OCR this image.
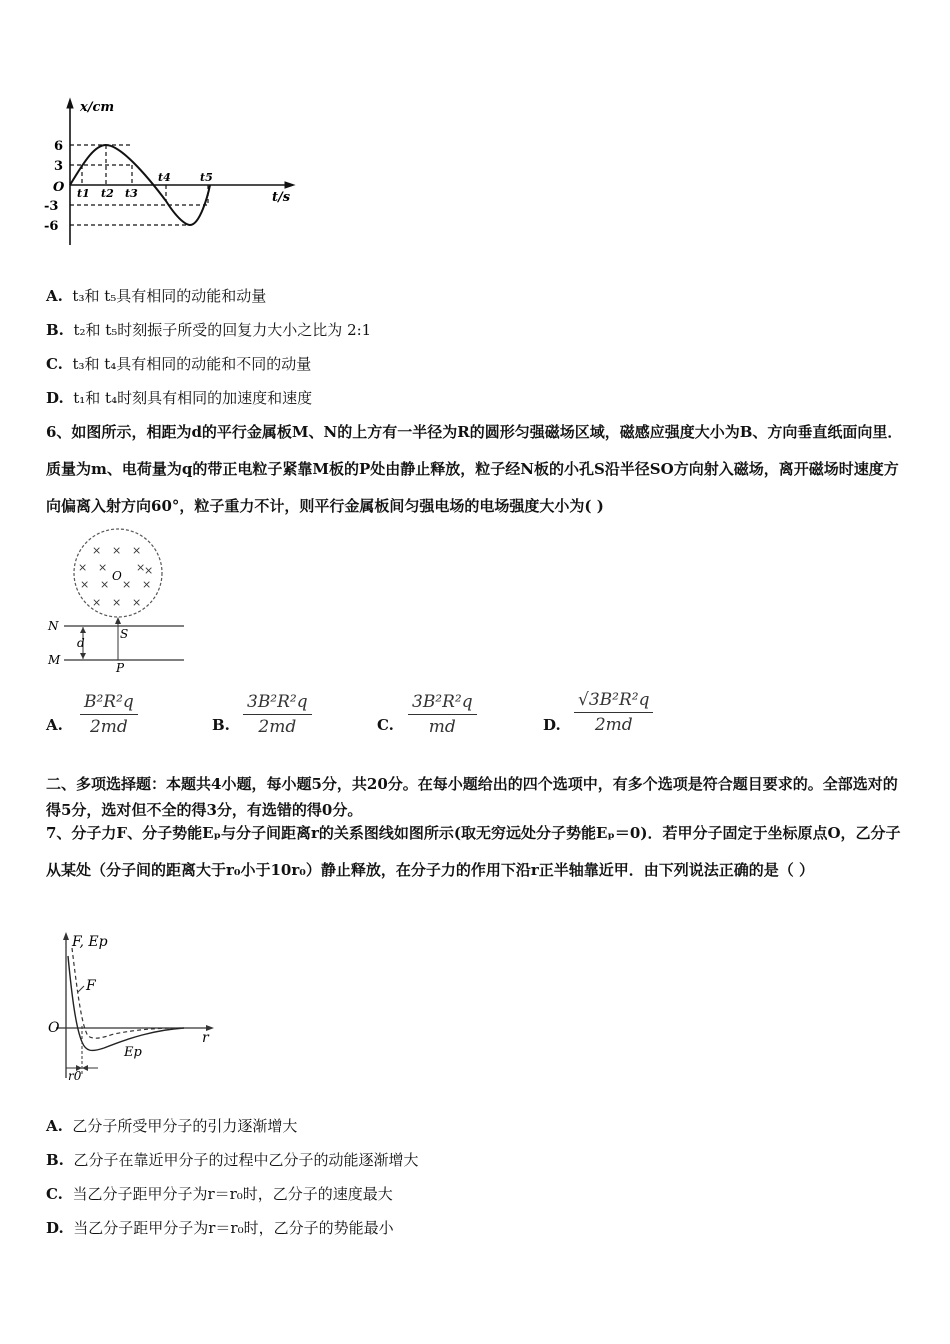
x/cm
t/s
6
3
O
-3
-6
t1 t2 t3
t4	t5
A. t₃和 t₅具有相同的动能和动量
B. t₂和 t₅时刻振子所受的回复力大小之比为 2:1
C. t₃和 t₄具有相同的动能和不同的动量
D. t₁和 t₄时刻具有相同的加速度和速度
6、如图所示，相距为d的平行金属板M、N的上方有一半径为R的圆形匀强磁场区域，磁感应强度大小为B、方向垂直纸面向里．质量为m、电荷量为q的带正电粒子紧靠M板的P处由静止释放，粒子经N板的小孔S沿半径SO方向射入磁场，离开磁场时速度方向偏离入射方向60°，粒子重力不计，则平行金属板间匀强电场的电场强度大小为( )
× × ×
× ×	×
×
× × × ×
× × ×
O
N
M
d
S
P
A. $\frac{\text{B²R²q}}{2md}$	B. $\frac{\text{3B²R²q}}{2md}$	C. $\frac{\text{3B²R²q}}{md}$	D. $\frac{\text{√3B²R²q}}{2md}$
二、多项选择题：本题共4小题，每小题5分，共20分。在每小题给出的四个选项中，有多个选项是符合题目要求的。全部选对的得5分，选对但不全的得3分，有选错的得0分。
7、分子力F、分子势能Eₚ与分子间距离r的关系图线如图所示(取无穷远处分子势能Eₚ＝0)．若甲分子固定于坐标原点O，乙分子从某处（分子间的距离大于r₀小于10r₀）静止释放，在分子力的作用下沿r正半轴靠近甲．由下列说法正确的是（ ）
F, Ep
F
O
r
Ep
r0
A. 乙分子所受甲分子的引力逐渐增大
B. 乙分子在靠近甲分子的过程中乙分子的动能逐渐增大
C. 当乙分子距甲分子为r＝r₀时，乙分子的速度最大
D. 当乙分子距甲分子为r＝r₀时，乙分子的势能最小
